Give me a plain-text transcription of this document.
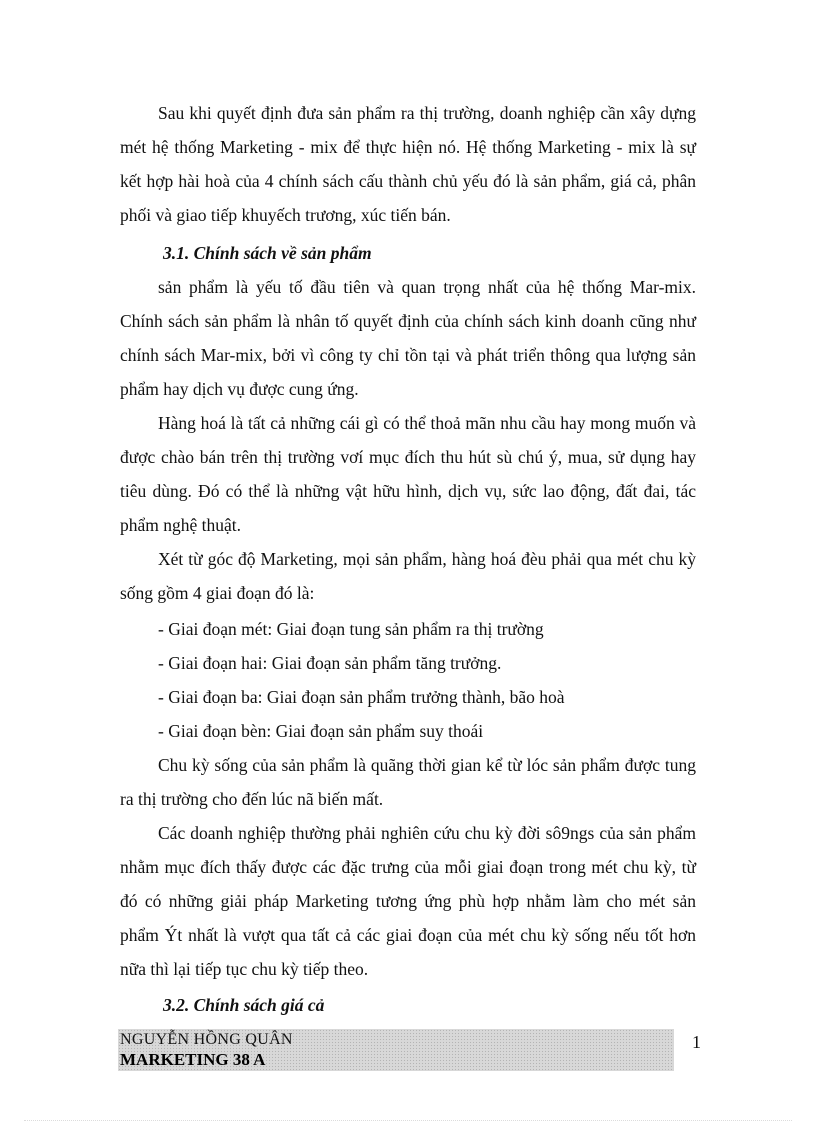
Sau khi quyết định đưa sản phẩm ra thị trường, doanh nghiệp cần xây dựng mét hệ thống Marketing - mix để thực hiện nó. Hệ thống Marketing - mix là sự kết hợp hài hoà của 4 chính sách cấu thành chủ yếu đó là sản phẩm, giá cả, phân phối và giao tiếp khuyếch trương, xúc tiến bán.

3.1. Chính sách về sản phẩm

sản phẩm là yếu tố đầu tiên và quan trọng nhất của hệ thống Mar-mix. Chính sách sản phẩm là nhân tố quyết định của chính sách kinh doanh cũng như chính sách Mar-mix, bởi vì công ty chỉ tồn tại và phát triển thông qua lượng sản phẩm hay dịch vụ được cung ứng.

Hàng hoá là tất cả những cái gì có thể thoả mãn nhu cầu hay mong muốn và được chào bán trên thị trường vơí mục đích thu hút sù chú ý, mua, sử dụng hay tiêu dùng. Đó có thể là những vật hữu hình, dịch vụ, sức lao động, đất đai, tác phẩm nghệ thuật.

Xét từ góc độ Marketing, mọi sản phẩm, hàng hoá đèu phải qua mét chu kỳ sống gồm 4 giai đoạn đó là:

- Giai đoạn mét: Giai đoạn tung sản phẩm ra thị trường
- Giai đoạn hai: Giai đoạn sản phẩm tăng trưởng.
- Giai đoạn ba: Giai đoạn sản phẩm trưởng thành, bão hoà
- Giai đoạn bèn: Giai đoạn sản phẩm suy thoái

Chu kỳ sống của sản phẩm là quãng thời gian kể từ lóc sản phẩm được tung ra thị trường cho đến lúc nã biến mất.

Các doanh nghiệp thường phải nghiên cứu chu kỳ đời sô9ngs của sản phẩm nhằm mục đích thấy được các đặc trưng của mỗi giai đoạn trong mét chu kỳ, từ đó có những giải pháp Marketing tương ứng phù hợp nhằm làm cho mét sản phẩm Ýt nhất là vượt qua tất cả các giai đoạn của mét chu kỳ sống nếu tốt hơn nữa thì lại tiếp tục chu kỳ tiếp theo.

3.2. Chính sách giá cả
NGUYỄN HỒNG QUÂN
MARKETING 38 A
1
